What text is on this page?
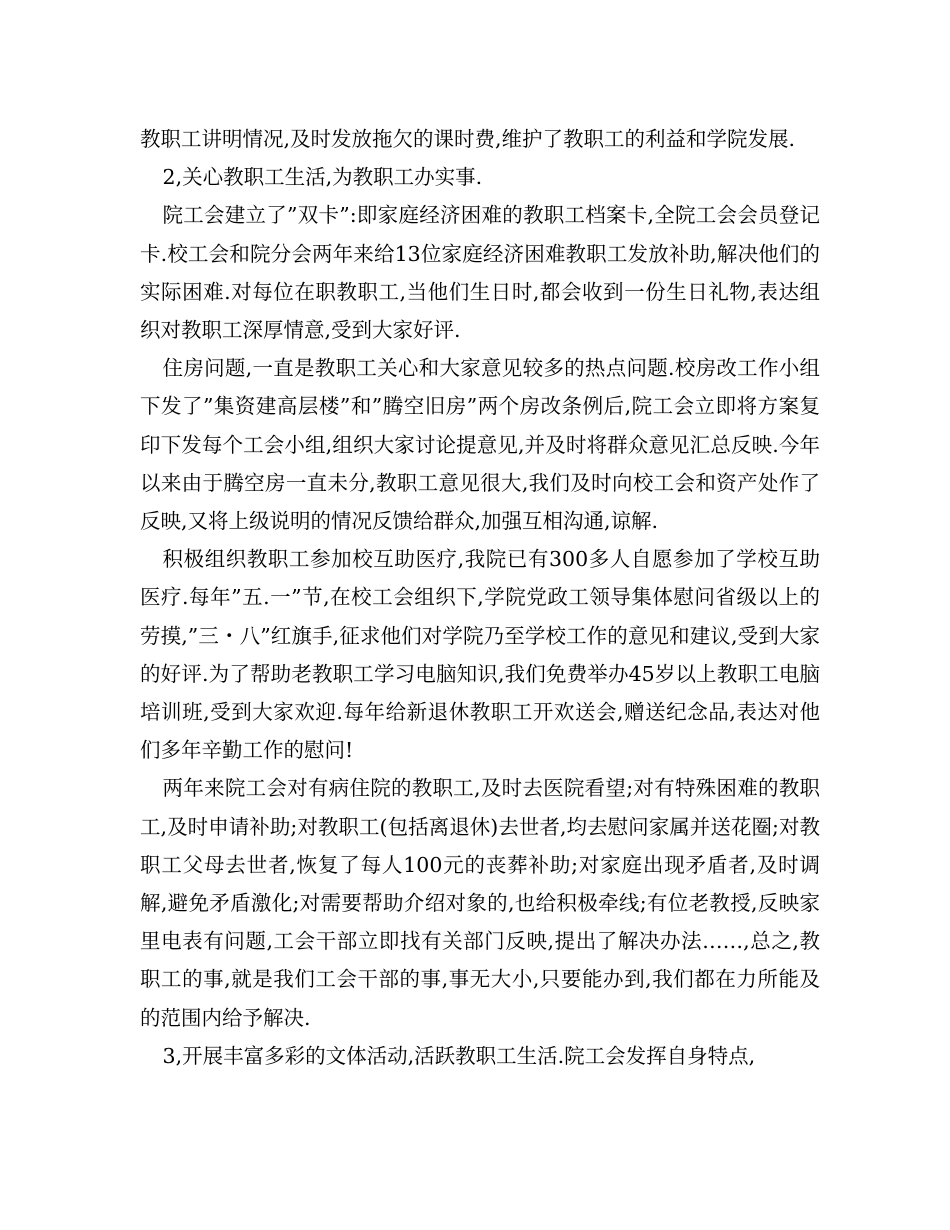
教职工讲明情况,及时发放拖欠的课时费,维护了教职工的利益和学院发展.

2,关心教职工生活,为教职工办实事.

院工会建立了”双卡”:即家庭经济困难的教职工档案卡,全院工会会员登记卡.校工会和院分会两年来给13位家庭经济困难教职工发放补助,解决他们的实际困难.对每位在职教职工,当他们生日时,都会收到一份生日礼物,表达组织对教职工深厚情意,受到大家好评.

住房问题,一直是教职工关心和大家意见较多的热点问题.校房改工作小组下发了”集资建高层楼”和”腾空旧房”两个房改条例后,院工会立即将方案复印下发每个工会小组,组织大家讨论提意见,并及时将群众意见汇总反映.今年以来由于腾空房一直未分,教职工意见很大,我们及时向校工会和资产处作了反映,又将上级说明的情况反馈给群众,加强互相沟通,谅解.

积极组织教职工参加校互助医疗,我院已有300多人自愿参加了学校互助医疗.每年”五.一”节,在校工会组织下,学院党政工领导集体慰问省级以上的劳摸,”三・八”红旗手,征求他们对学院乃至学校工作的意见和建议,受到大家的好评.为了帮助老教职工学习电脑知识,我们免费举办45岁以上教职工电脑培训班,受到大家欢迎.每年给新退休教职工开欢送会,赠送纪念品,表达对他们多年辛勤工作的慰问!

两年来院工会对有病住院的教职工,及时去医院看望;对有特殊困难的教职工,及时申请补助;对教职工(包括离退休)去世者,均去慰问家属并送花圈;对教职工父母去世者,恢复了每人100元的丧葬补助;对家庭出现矛盾者,及时调解,避免矛盾激化;对需要帮助介绍对象的,也给积极牵线;有位老教授,反映家里电表有问题,工会干部立即找有关部门反映,提出了解决办法……,总之,教职工的事,就是我们工会干部的事,事无大小,只要能办到,我们都在力所能及的范围内给予解决.

3,开展丰富多彩的文体活动,活跃教职工生活.院工会发挥自身特点,
